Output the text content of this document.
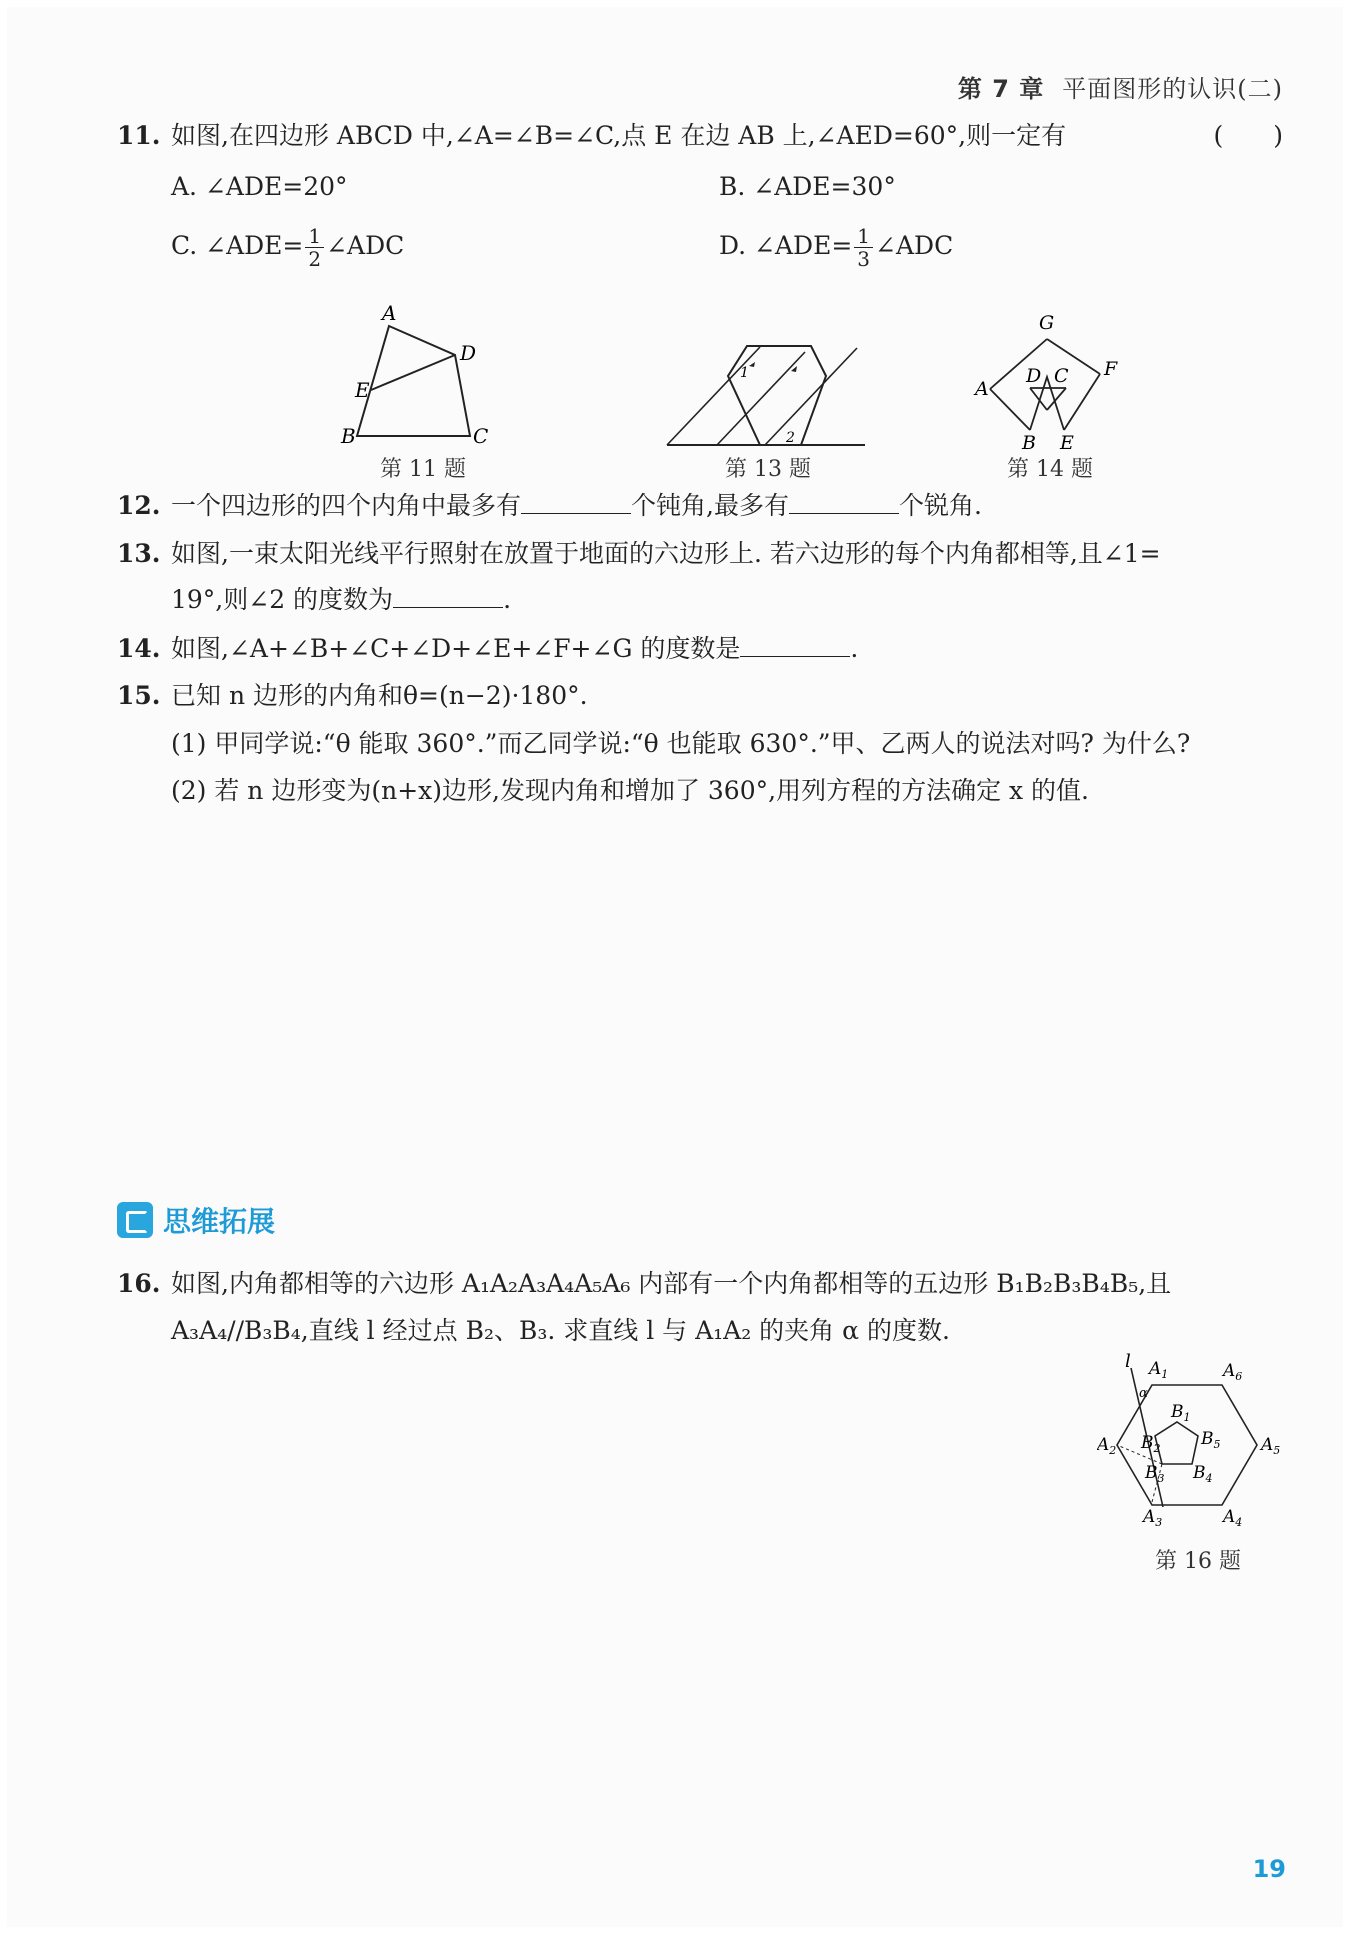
第 7 章 平面图形的认识(二)
11. 如图,在四边形 ABCD 中,∠A=∠B=∠C,点 E 在边 AB 上,∠AED=60°,则一定有	(　　)
A. ∠ADE=20°	B. ∠ADE=30°
C. ∠ADE= $\frac{1}{2}$ ∠ADC	D. ∠ADE= $\frac{1}{3}$ ∠ADC
A
D
E
B	C
第 11 题
1
2
第 13 题
G
A
F
D C
B E
第 14 题
12. 一个四边形的四个内角中最多有	个钝角,最多有	个锐角.
13. 如图,一束太阳光线平行照射在放置于地面的六边形上. 若六边形的每个内角都相等,且∠1=
19°,则∠2 的度数为	.
14. 如图,∠A+∠B+∠C+∠D+∠E+∠F+∠G 的度数是	.
15. 已知 n 边形的内角和θ=(n−2)·180°.
(1) 甲同学说:“θ 能取 360°.”而乙同学说:“θ 也能取 630°.”甲、乙两人的说法对吗? 为什么?
(2) 若 n 边形变为(n+x)边形,发现内角和增加了 360°,用列方程的方法确定 x 的值.
思维拓展
16. 如图,内角都相等的六边形 A₁A₂A₃A₄A₅A₆ 内部有一个内角都相等的五边形 B₁B₂B₃B₄B₅,且
A₃A₄//B₃B₄,直线 l 经过点 B₂、B₃. 求直线 l 与 A₁A₂ 的夹角 α 的度数.
l
α
$A_1$	$A_6$
$A_2$	$A_5$
$A_3$	$A_4$
$B_1$
$B_2$ $B_5$
$B_3$ $B_4$
第 16 题
19
